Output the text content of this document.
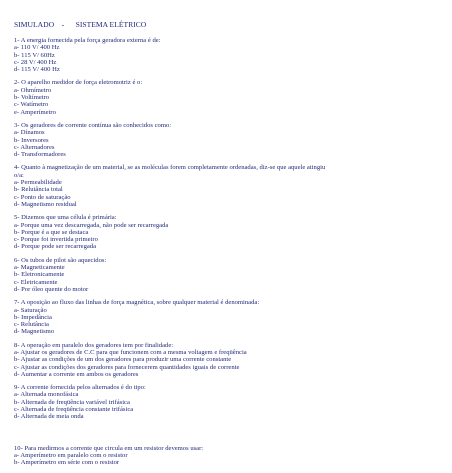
SIMULADO    -      SISTEMA ELÉTRICO
1- A energia fornecida pela força geradora externa é de:
a- 110 V/ 400 Hz
b- 115 V/ 60Hz
c- 28 V/ 400 Hz
d- 115 V/ 400 Hz
2- O aparelho medidor de força eletromotriz é o:
a- Ohmímetro
b- Voltímetro
c- Watímetro
e- Amperímetro
3- Os geradores de corrente contínua são conhecidos como:
a- Dínamos
b- Inversores
c- Alternadores
d- Transformadores
4- Quanto à magnetização de um material, se as moléculas forem completamente ordenadas, diz-se que aquele atingiu
o/a:
a- Permeabilidade
b- Relutância total
c- Ponto de saturação
d- Magnetismo residual
5- Dizemos que uma célula é primária:
a- Porque uma vez descarregada, não pode ser recarregada
b- Porque é a que se destaca
c- Porque foi invertida primeiro
d- Porque pode ser recarregada
6- Os tubos de pilot são aquecidos:
a- Magneticamente
b- Eletronicamente
c- Eletricamente
d- Por óleo quente do motor
7- A oposição ao fluxo das linhas de força magnética, sobre qualquer material é denominada:
a- Saturação
b- Impedância
c- Relutância
d- Magnetismo
8- A operação em paralelo dos geradores tem por finalidade:
a- Ajustar os geradores de C.C para que funcionem com a mesma voltagem e freqüência
b- Ajustar as condições de um dos geradores para produzir uma corrente constante
c- Ajustar as condições dos geradores para fornecerem quantidades iguais de corrente
d- Aumentar a corrente em ambos os geradores
9- A corrente fornecida pelos alternados é do tipo:
a- Alternada monofásica
b- Alternada de freqüência variável trifásica
c- Alternada de freqüência constante trifásica
d- Alternada de meia onda
10- Para medirmos a corrente que circula em um resistor devemos usar:
a- Amperímetro em paralelo com o resistor
b- Amperímetro em série com o resistor
